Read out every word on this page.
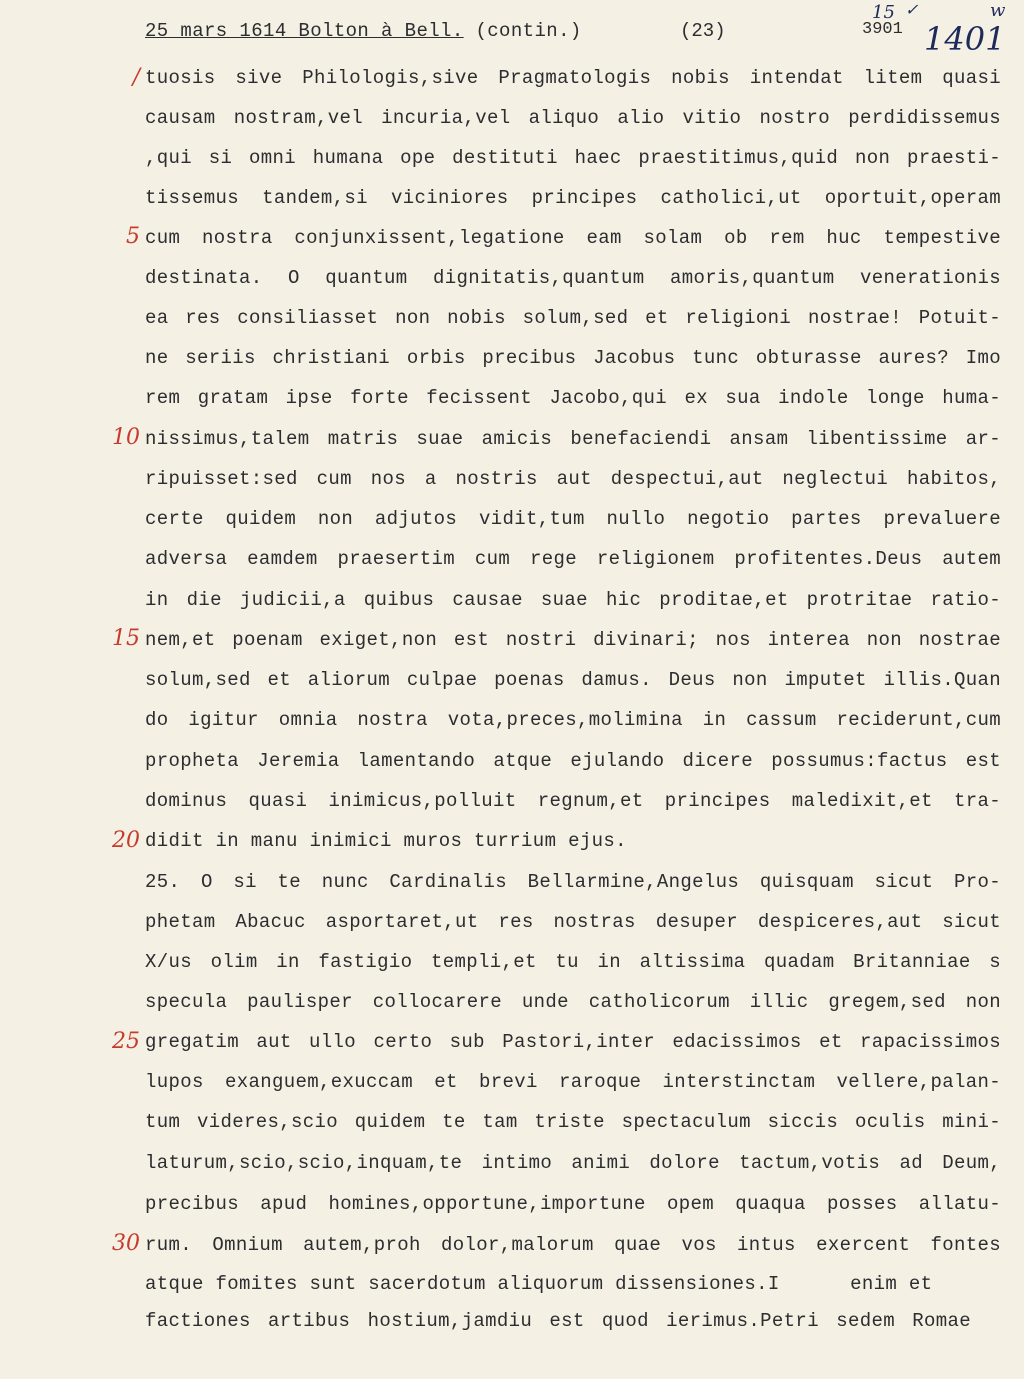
25 mars 1614 Bolton à Bell. (contin.)	(23)	3901
15 ✓
1401
w
/
5
10
15
20
25
30
tuosis sive Philologis,sive Pragmatologis nobis intendat litem quasi
causam nostram,vel incuria,vel aliquo alio vitio nostro perdidissemus
,qui si omni humana ope destituti haec praestitimus,quid non praesti-
tissemus tandem,si viciniores principes catholici,ut oportuit,operam
cum nostra conjunxissent,legatione eam solam ob rem huc tempestive
destinata. O quantum dignitatis,quantum amoris,quantum venerationis
ea res consiliasset non nobis solum,sed et religioni nostrae! Potuit-
ne seriis christiani orbis precibus Jacobus tunc obturasse aures? Imo
rem gratam ipse forte fecissent Jacobo,qui ex sua indole longe huma-
nissimus,talem matris suae amicis benefaciendi ansam libentissime ar-
ripuisset:sed cum nos a nostris aut despectui,aut neglectui habitos,
certe quidem non adjutos vidit,tum nullo negotio partes prevaluere
adversa eamdem praesertim cum rege religionem profitentes.Deus autem
in die judicii,a quibus causae suae hic proditae,et protritae ratio-
nem,et poenam exiget,non est nostri divinari; nos interea non nostrae
solum,sed et aliorum culpae poenas damus. Deus non imputet illis.Quan
do igitur omnia nostra vota,preces,molimina in cassum reciderunt,cum
propheta Jeremia lamentando atque ejulando dicere possumus:factus est
dominus quasi inimicus,polluit regnum,et principes maledixit,et tra-
didit in manu inimici muros turrium ejus.
25. O si te nunc Cardinalis Bellarmine,Angelus quisquam sicut Pro-
phetam Abacuc asportaret,ut res nostras desuper despiceres,aut sicut
X/us olim in fastigio templi,et tu in altissima quadam Britanniae s
specula paulisper collocarere unde catholicorum illic gregem,sed non
gregatim aut ullo certo sub Pastori,inter edacissimos et rapacissimos
lupos exanguem,exuccam et brevi raroque interstinctam vellere,palan-
tum videres,scio quidem te tam triste spectaculum siccis oculis mini-
laturum,scio,scio,inquam,te intimo animi dolore tactum,votis ad Deum,
precibus apud homines,opportune,importune opem quaqua posses allatu-
rum. Omnium autem,proh dolor,malorum quae vos intus exercent fontes
atque fomites sunt sacerdotum aliquorum dissensiones.I      enim et
factiones artibus hostium,jamdiu est quod ierimus.Petri sedem Romae
